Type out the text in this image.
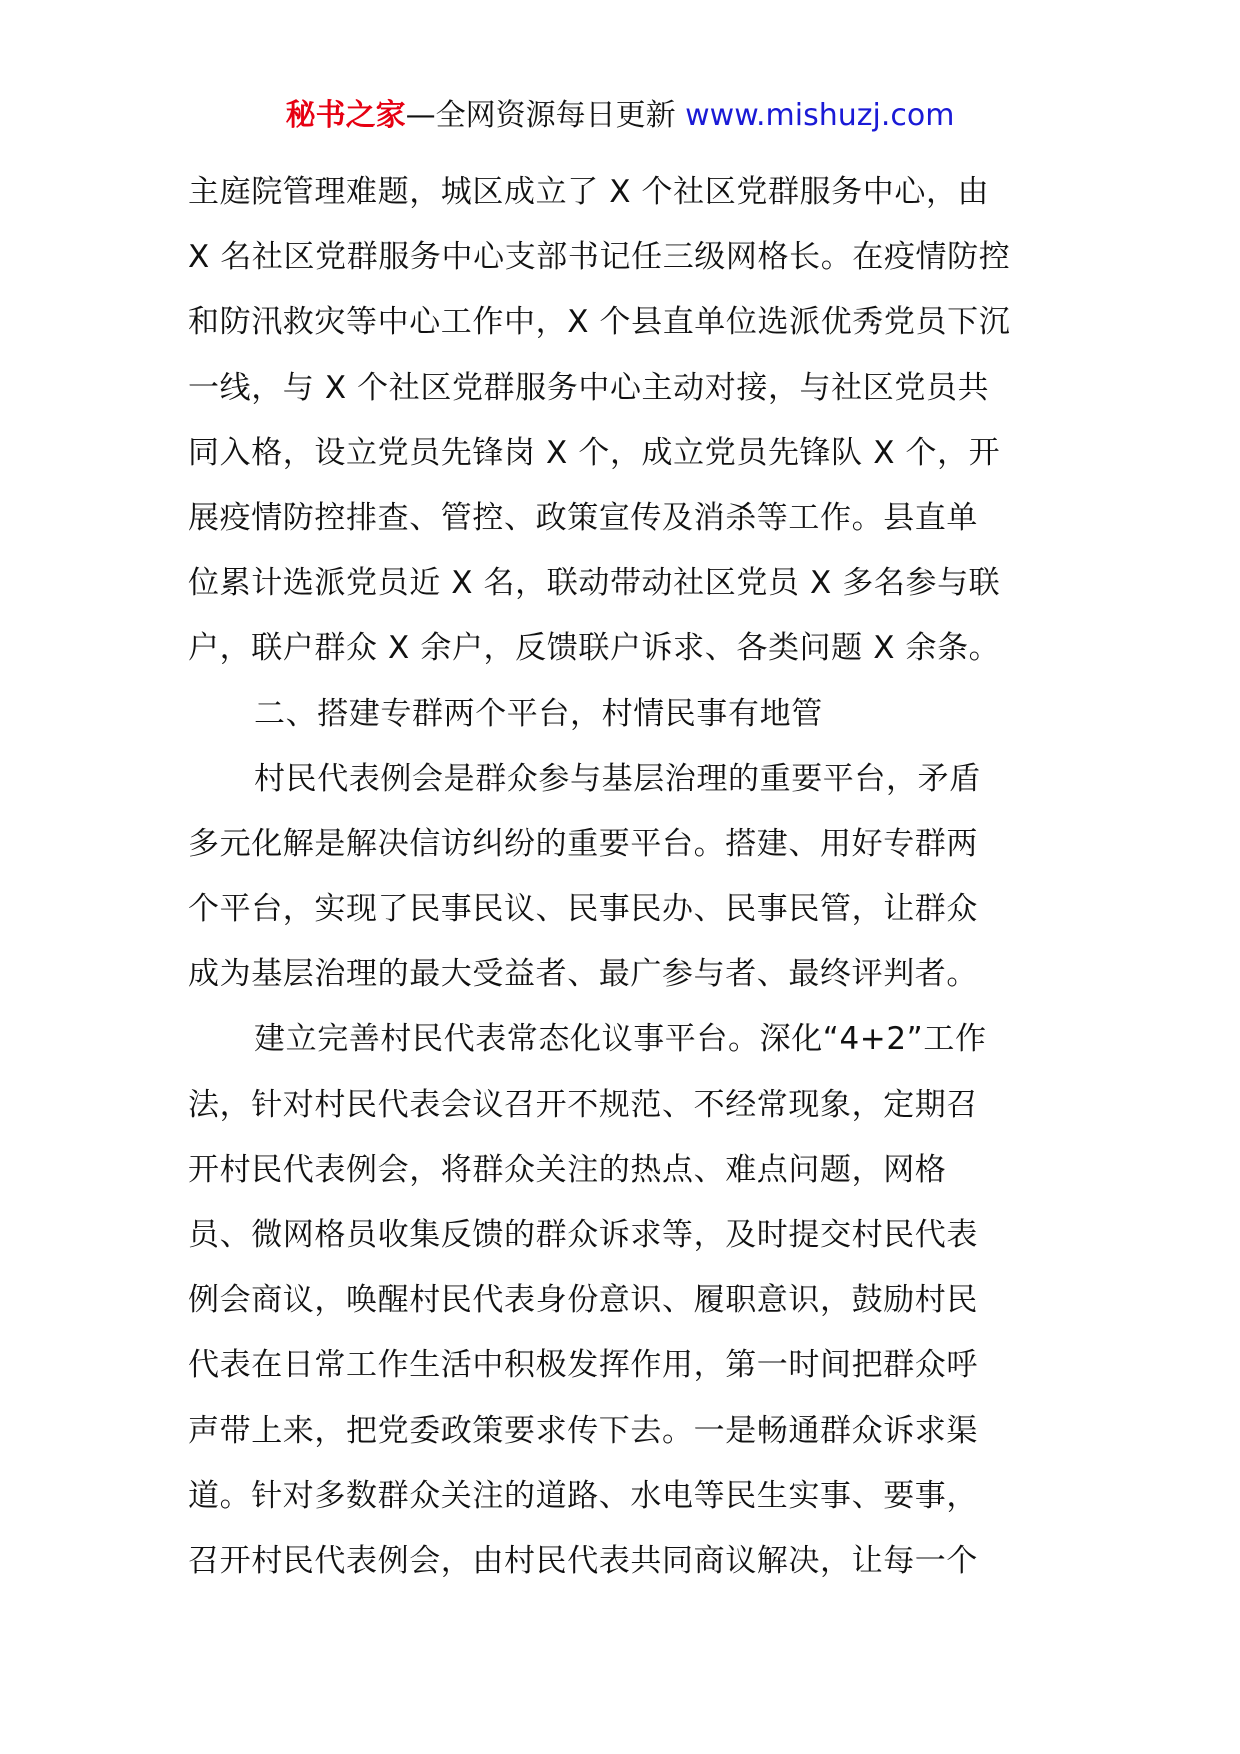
秘书之家—全网资源每日更新 www.mishuzj.com
主庭院管理难题，城区成立了 X 个社区党群服务中心，由
X 名社区党群服务中心支部书记任三级网格长。在疫情防控
和防汛救灾等中心工作中，X 个县直单位选派优秀党员下沉
一线，与 X 个社区党群服务中心主动对接，与社区党员共
同入格，设立党员先锋岗 X 个，成立党员先锋队 X 个，开
展疫情防控排查、管控、政策宣传及消杀等工作。县直单
位累计选派党员近 X 名，联动带动社区党员 X 多名参与联
户，联户群众 X 余户，反馈联户诉求、各类问题 X 余条。
二、搭建专群两个平台，村情民事有地管
村民代表例会是群众参与基层治理的重要平台，矛盾
多元化解是解决信访纠纷的重要平台。搭建、用好专群两
个平台，实现了民事民议、民事民办、民事民管，让群众
成为基层治理的最大受益者、最广参与者、最终评判者。
建立完善村民代表常态化议事平台。深化“4+2”工作
法，针对村民代表会议召开不规范、不经常现象，定期召
开村民代表例会，将群众关注的热点、难点问题，网格
员、微网格员收集反馈的群众诉求等，及时提交村民代表
例会商议，唤醒村民代表身份意识、履职意识，鼓励村民
代表在日常工作生活中积极发挥作用，第一时间把群众呼
声带上来，把党委政策要求传下去。一是畅通群众诉求渠
道。针对多数群众关注的道路、水电等民生实事、要事，
召开村民代表例会，由村民代表共同商议解决，让每一个
